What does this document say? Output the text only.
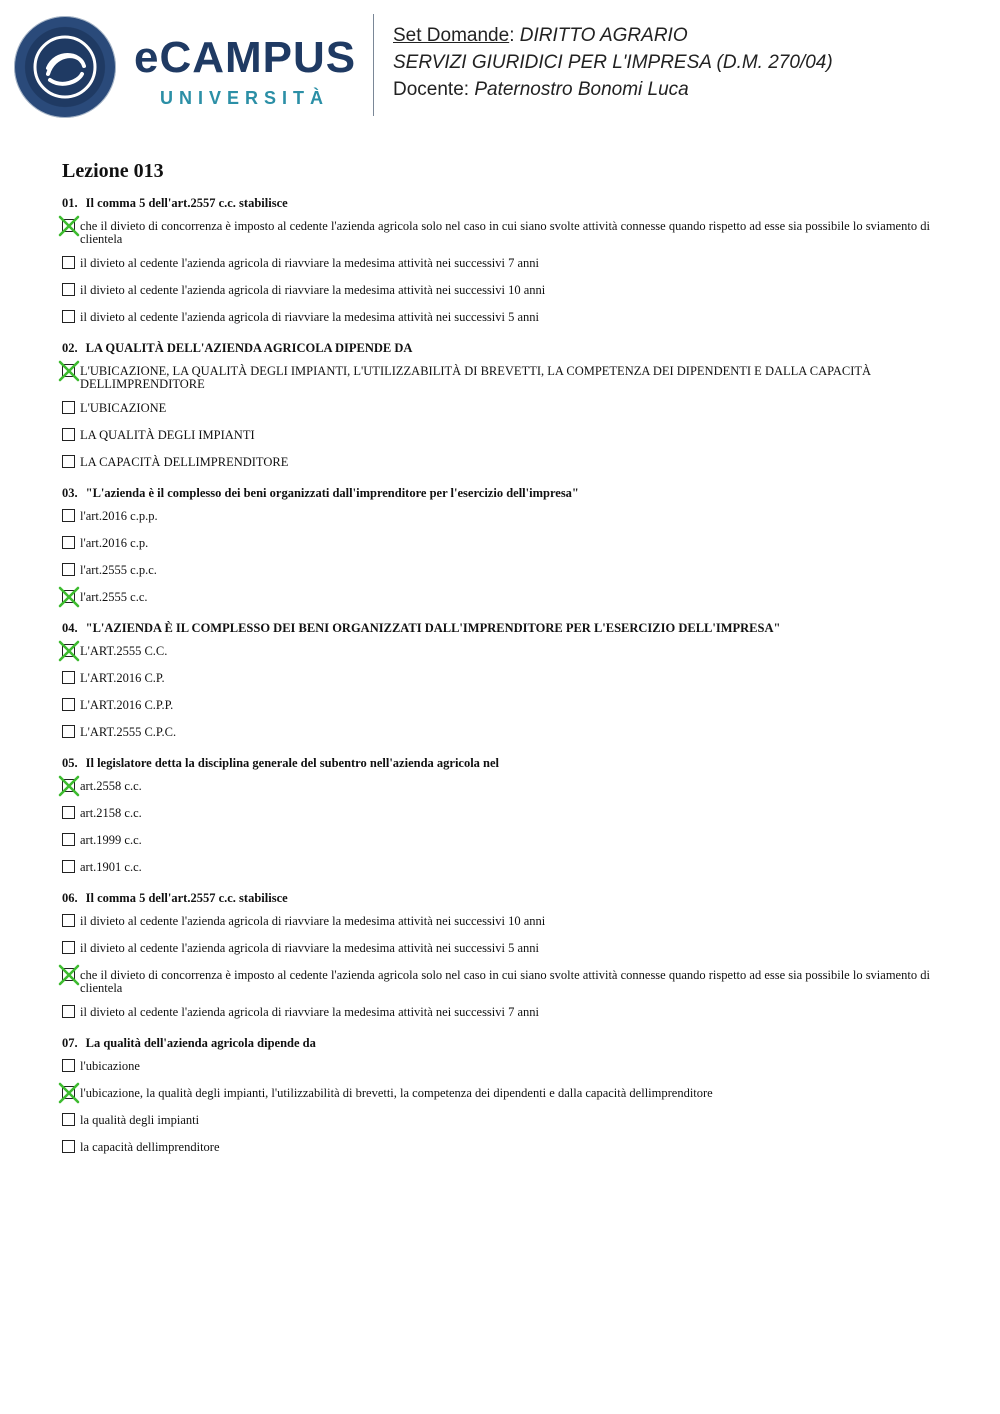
eCAMPUS
UNIVERSITÀ
Set Domande: DIRITTO AGRARIO
SERVIZI GIURIDICI PER L'IMPRESA (D.M. 270/04)
Docente: Paternostro Bonomi Luca
Lezione 013
01. Il comma 5 dell'art.2557 c.c. stabilisce
che il divieto di concorrenza è imposto al cedente l'azienda agricola solo nel caso in cui siano svolte attività connesse quando rispetto ad esse sia possibile lo sviamento di clientela
il divieto al cedente l'azienda agricola di riavviare la medesima attività nei successivi 7 anni
il divieto al cedente l'azienda agricola di riavviare la medesima attività nei successivi 10 anni
il divieto al cedente l'azienda agricola di riavviare la medesima attività nei successivi 5 anni
02. LA QUALITÀ DELL'AZIENDA AGRICOLA DIPENDE DA
L'UBICAZIONE, LA QUALITÀ DEGLI IMPIANTI, L'UTILIZZABILITÀ DI BREVETTI, LA COMPETENZA DEI DIPENDENTI E DALLA CAPACITÀ DELLIMPRENDITORE
L'UBICAZIONE
LA QUALITÀ DEGLI IMPIANTI
LA CAPACITÀ DELLIMPRENDITORE
03. "L'azienda è il complesso dei beni organizzati dall'imprenditore per l'esercizio dell'impresa"
l'art.2016 c.p.p.
l'art.2016 c.p.
l'art.2555 c.p.c.
l'art.2555 c.c.
04. "L'AZIENDA È IL COMPLESSO DEI BENI ORGANIZZATI DALL'IMPRENDITORE PER L'ESERCIZIO DELL'IMPRESA"
L'ART.2555 C.C.
L'ART.2016 C.P.
L'ART.2016 C.P.P.
L'ART.2555 C.P.C.
05. Il legislatore detta la disciplina generale del subentro nell'azienda agricola nel
art.2558 c.c.
art.2158 c.c.
art.1999 c.c.
art.1901 c.c.
06. Il comma 5 dell'art.2557 c.c. stabilisce
il divieto al cedente l'azienda agricola di riavviare la medesima attività nei successivi 10 anni
il divieto al cedente l'azienda agricola di riavviare la medesima attività nei successivi 5 anni
che il divieto di concorrenza è imposto al cedente l'azienda agricola solo nel caso in cui siano svolte attività connesse quando rispetto ad esse sia possibile lo sviamento di clientela
il divieto al cedente l'azienda agricola di riavviare la medesima attività nei successivi 7 anni
07. La qualità dell'azienda agricola dipende da
l'ubicazione
l'ubicazione, la qualità degli impianti, l'utilizzabilità di brevetti, la competenza dei dipendenti e dalla capacità dellimprenditore
la qualità degli impianti
la capacità dellimprenditore
